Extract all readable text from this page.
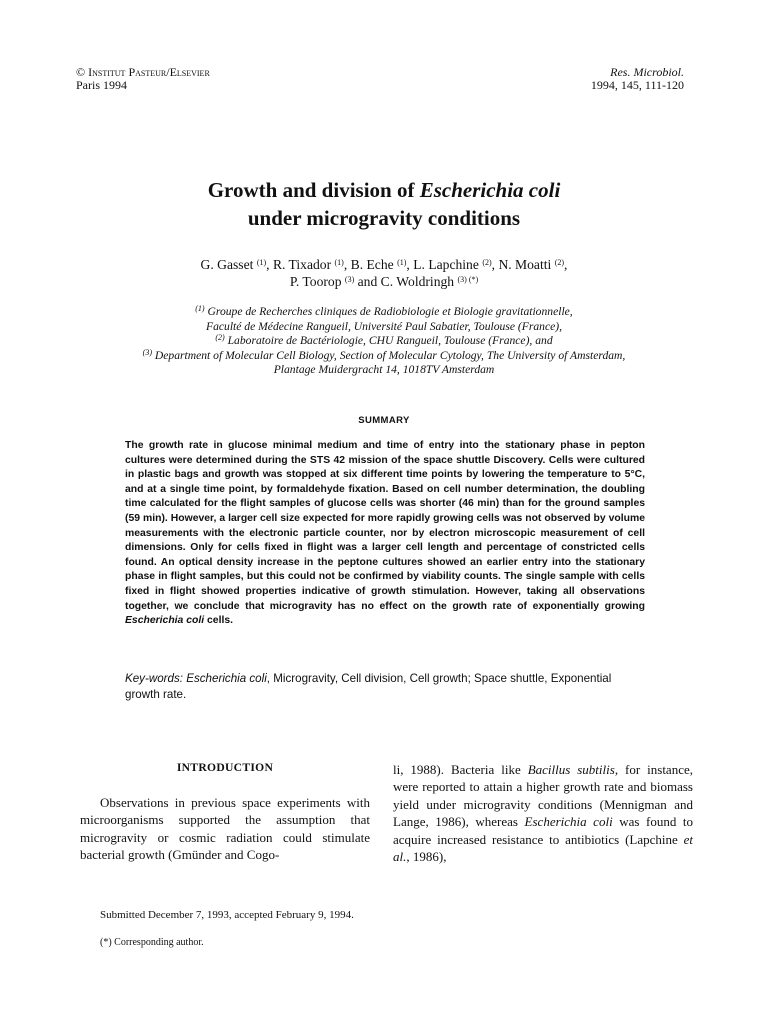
© Institut Pasteur/Elsevier
Paris 1994
Res. Microbiol.
1994, 145, 111-120
Growth and division of Escherichia coli
under microgravity conditions
G. Gasset $^{(1)}$, R. Tixador $^{(1)}$, B. Eche $^{(1)}$, L. Lapchine $^{(2)}$, N. Moatti $^{(2)}$,
P. Toorop $^{(3)}$ and C. Woldringh $^{(3) (*)}$
$^{(1)}$ Groupe de Recherches cliniques de Radiobiologie et Biologie gravitationnelle,
Faculté de Médecine Rangueil, Université Paul Sabatier, Toulouse (France),
$^{(2)}$ Laboratoire de Bactériologie, CHU Rangueil, Toulouse (France), and
$^{(3)}$ Department of Molecular Cell Biology, Section of Molecular Cytology, The University of Amsterdam,
Plantage Muidergracht 14, 1018TV Amsterdam
SUMMARY
The growth rate in glucose minimal medium and time of entry into the stationary phase in pepton cultures were determined during the STS 42 mission of the space shuttle Discovery. Cells were cultured in plastic bags and growth was stopped at six different time points by lowering the temperature to 5°C, and at a single time point, by formaldehyde fixation. Based on cell number determination, the doubling time calculated for the flight samples of glucose cells was shorter (46 min) than for the ground samples (59 min). However, a larger cell size expected for more rapidly growing cells was not observed by volume measurements with the electronic particle counter, nor by electron microscopic measurement of cell dimensions. Only for cells fixed in flight was a larger cell length and percentage of constricted cells found. An optical density increase in the peptone cultures showed an earlier entry into the stationary phase in flight samples, but this could not be confirmed by viability counts. The single sample with cells fixed in flight showed properties indicative of growth stimulation. However, taking all observations together, we conclude that microgravity has no effect on the growth rate of exponentially growing Escherichia coli cells.
Key-words: Escherichia coli, Microgravity, Cell division, Cell growth; Space shuttle, Exponential growth rate.
INTRODUCTION
Observations in previous space experiments with microorganisms supported the assumption that microgravity or cosmic radiation could stimulate bacterial growth (Gmünder and Cogo-
li, 1988). Bacteria like Bacillus subtilis, for instance, were reported to attain a higher growth rate and biomass yield under microgravity conditions (Mennigman and Lange, 1986), whereas Escherichia coli was found to acquire increased resistance to antibiotics (Lapchine et al., 1986),
Submitted December 7, 1993, accepted February 9, 1994.
(*) Corresponding author.
